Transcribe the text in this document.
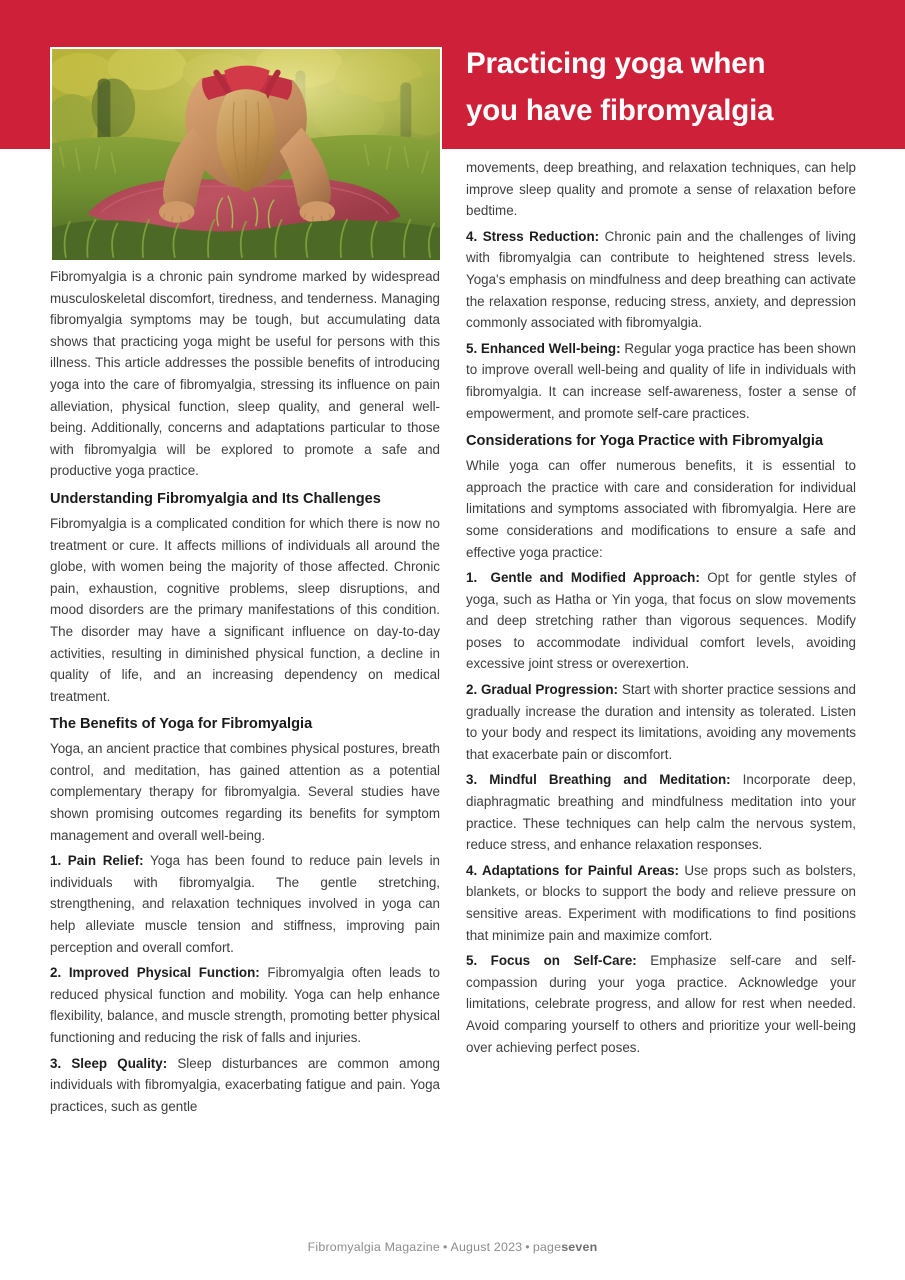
Practicing yoga when
you have fibromyalgia

Fibromyalgia is a chronic pain syndrome marked by widespread musculoskeletal discomfort, tiredness, and tenderness. Managing fibromyalgia symptoms may be tough, but accumulating data shows that practicing yoga might be useful for persons with this illness. This article addresses the possible benefits of introducing yoga into the care of fibromyalgia, stressing its influence on pain alleviation, physical function, sleep quality, and general well-being. Additionally, concerns and adaptations particular to those with fibromyalgia will be explored to promote a safe and productive yoga practice.

Understanding Fibromyalgia and Its Challenges

Fibromyalgia is a complicated condition for which there is now no treatment or cure. It affects millions of individuals all around the globe, with women being the majority of those affected. Chronic pain, exhaustion, cognitive problems, sleep disruptions, and mood disorders are the primary manifestations of this condition. The disorder may have a significant influence on day-to-day activities, resulting in diminished physical function, a decline in quality of life, and an increasing dependency on medical treatment.

The Benefits of Yoga for Fibromyalgia

Yoga, an ancient practice that combines physical postures, breath control, and meditation, has gained attention as a potential complementary therapy for fibromyalgia. Several studies have shown promising outcomes regarding its benefits for symptom management and overall well-being.

1. Pain Relief: Yoga has been found to reduce pain levels in individuals with fibromyalgia. The gentle stretching, strengthening, and relaxation techniques involved in yoga can help alleviate muscle tension and stiffness, improving pain perception and overall comfort.

2. Improved Physical Function: Fibromyalgia often leads to reduced physical function and mobility. Yoga can help enhance flexibility, balance, and muscle strength, promoting better physical functioning and reducing the risk of falls and injuries.

3. Sleep Quality: Sleep disturbances are common among individuals with fibromyalgia, exacerbating fatigue and pain. Yoga practices, such as gentle

movements, deep breathing, and relaxation techniques, can help improve sleep quality and promote a sense of relaxation before bedtime.

4. Stress Reduction: Chronic pain and the challenges of living with fibromyalgia can contribute to heightened stress levels. Yoga's emphasis on mindfulness and deep breathing can activate the relaxation response, reducing stress, anxiety, and depression commonly associated with fibromyalgia.

5. Enhanced Well-being: Regular yoga practice has been shown to improve overall well-being and quality of life in individuals with fibromyalgia. It can increase self-awareness, foster a sense of empowerment, and promote self-care practices.

Considerations for Yoga Practice with Fibromyalgia

While yoga can offer numerous benefits, it is essential to approach the practice with care and consideration for individual limitations and symptoms associated with fibromyalgia. Here are some considerations and modifications to ensure a safe and effective yoga practice:

1. Gentle and Modified Approach: Opt for gentle styles of yoga, such as Hatha or Yin yoga, that focus on slow movements and deep stretching rather than vigorous sequences. Modify poses to accommodate individual comfort levels, avoiding excessive joint stress or overexertion.

2. Gradual Progression: Start with shorter practice sessions and gradually increase the duration and intensity as tolerated. Listen to your body and respect its limitations, avoiding any movements that exacerbate pain or discomfort.

3. Mindful Breathing and Meditation: Incorporate deep, diaphragmatic breathing and mindfulness meditation into your practice. These techniques can help calm the nervous system, reduce stress, and enhance relaxation responses.

4. Adaptations for Painful Areas: Use props such as bolsters, blankets, or blocks to support the body and relieve pressure on sensitive areas. Experiment with modifications to find positions that minimize pain and maximize comfort.

5. Focus on Self-Care: Emphasize self-care and self-compassion during your yoga practice. Acknowledge your limitations, celebrate progress, and allow for rest when needed. Avoid comparing yourself to others and prioritize your well-being over achieving perfect poses.

Fibromyalgia Magazine • August 2023 • pageseven
